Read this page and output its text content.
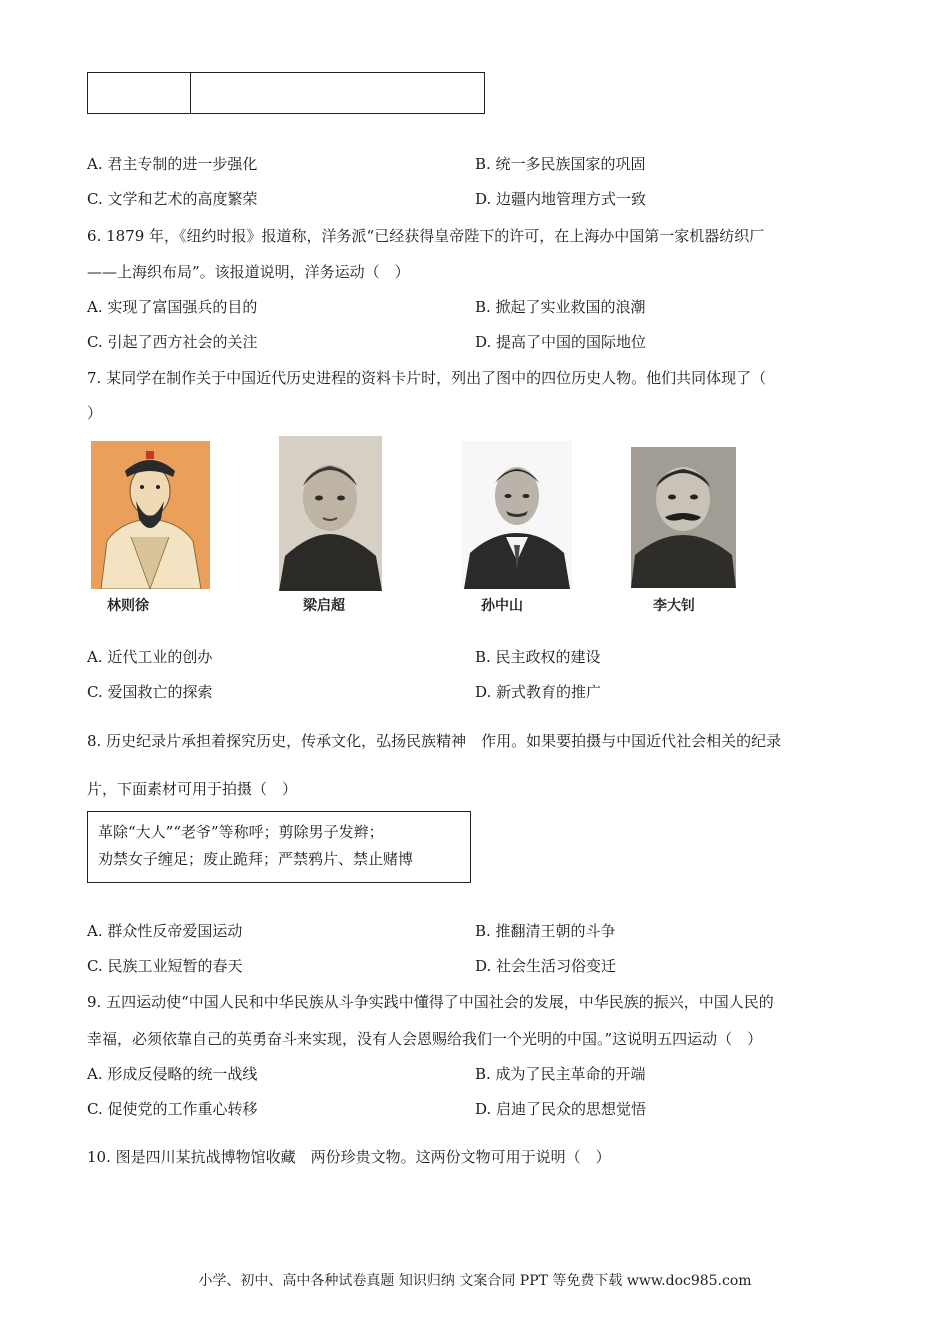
A. 君主专制的进一步强化	B. 统一多民族国家的巩固
C. 文学和艺术的高度繁荣	D. 边疆内地管理方式一致
6. 1879 年，《纽约时报》报道称，洋务派“已经获得皇帝陛下的许可，在上海办中国第一家机器纺织厂
——上海织布局”。该报道说明，洋务运动（　）
A. 实现了富国强兵的目的	B. 掀起了实业救国的浪潮
C. 引起了西方社会的关注	D. 提高了中国的国际地位
7. 某同学在制作关于中国近代历史进程的资料卡片时，列出了图中的四位历史人物。他们共同体现了（
）
林则徐	梁启超	孙中山	李大钊
A. 近代工业的创办	B. 民主政权的建设
C. 爱国救亡的探索	D. 新式教育的推广
8. 历史纪录片承担着探究历史，传承文化，弘扬民族精神　作用。如果要拍摄与中国近代社会相关的纪录
片，下面素材可用于拍摄（　）
革除“大人”“老爷”等称呼；剪除男子发辫；
劝禁女子缠足；废止跪拜；严禁鸦片、禁止赌博
A. 群众性反帝爱国运动	B. 推翻清王朝的斗争
C. 民族工业短暂的春天	D. 社会生活习俗变迁
9. 五四运动使“中国人民和中华民族从斗争实践中懂得了中国社会的发展，中华民族的振兴，中国人民的
幸福，必须依靠自己的英勇奋斗来实现，没有人会恩赐给我们一个光明的中国。”这说明五四运动（　）
A. 形成反侵略的统一战线	B. 成为了民主革命的开端
C. 促使党的工作重心转移	D. 启迪了民众的思想觉悟
10. 图是四川某抗战博物馆收藏　两份珍贵文物。这两份文物可用于说明（　）
小学、初中、高中各种试卷真题 知识归纳 文案合同 PPT 等免费下载 www.doc985.com
